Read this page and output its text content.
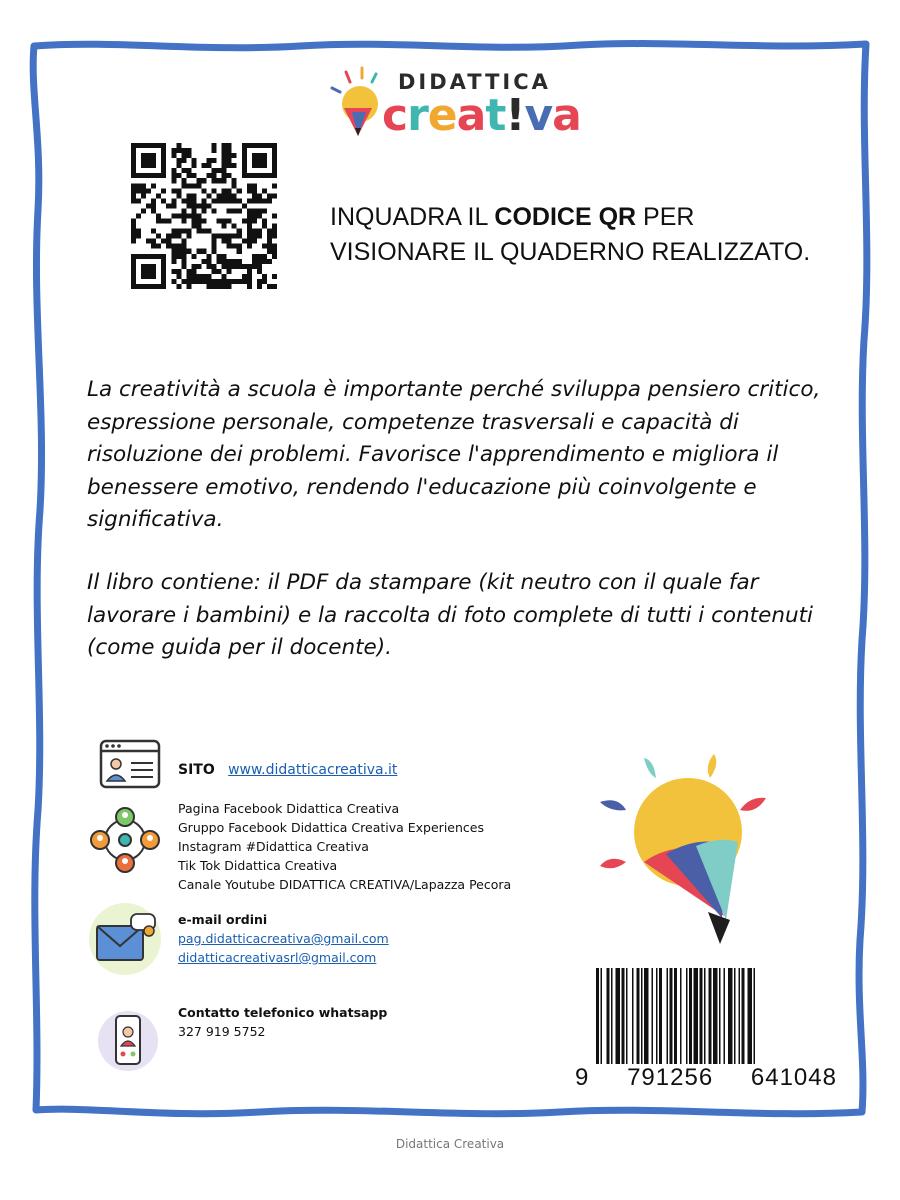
DIDATTICA
creat!va
INQUADRA IL CODICE QR PER
VISIONARE IL QUADERNO REALIZZATO.

La creatività a scuola è importante perché sviluppa pensiero critico, espressione personale, competenze trasversali e capacità di risoluzione dei problemi. Favorisce l'apprendimento e migliora il benessere emotivo, rendendo l'educazione più coinvolgente e significativa.

Il libro contiene: il PDF da stampare (kit neutro con il quale far lavorare i bambini) e la raccolta di foto complete di tutti i contenuti (come guida per il docente).

SITO www.didatticacreativa.it
Pagina Facebook Didattica Creativa
Gruppo Facebook Didattica Creativa Experiences
Instagram #Didattica Creativa
Tik Tok Didattica Creativa
Canale Youtube DIDATTICA CREATIVA/Lapazza Pecora
e-mail ordini
pag.didatticacreativa@gmail.com
didatticacreativasrl@gmail.com
Contatto telefonico whatsapp
327 919 5752
9 791256 641048
Didattica Creativa
